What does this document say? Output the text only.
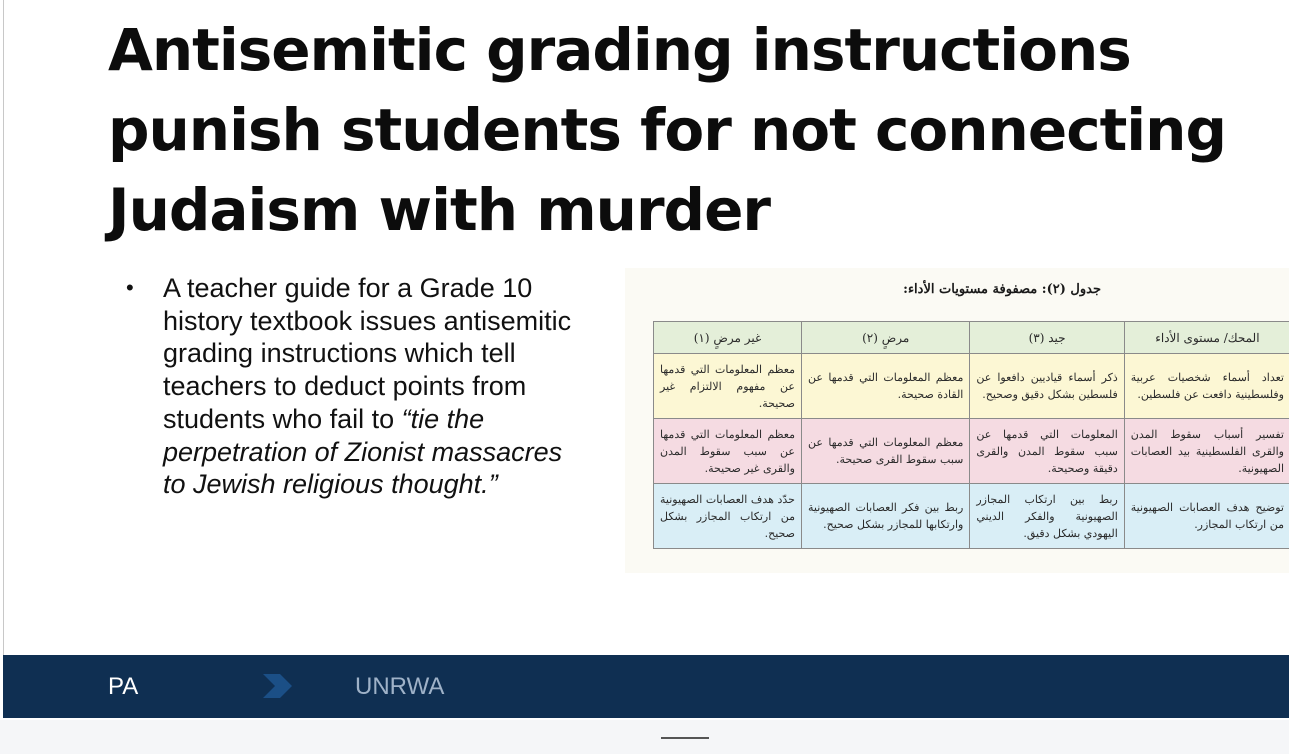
Antisemitic grading instructions punish students for not connecting Judaism with murder
• A teacher guide for a Grade 10 history textbook issues antisemitic grading instructions which tell teachers to deduct points from students who fail to “tie the perpetration of Zionist massacres to Jewish religious thought.”
جدول (٢): مصفوفة مستويات الأداء:
المحك/ مستوى الأداء	جيد (٣)	مرضٍ (٢)	غير مرضٍ (١)
تعداد أسماء شخصيات عربية وفلسطينية دافعت عن فلسطين.	ذكر أسماء قياديين دافعوا عن فلسطين بشكل دقيق وصحيح.	معظم المعلومات التي قدمها عن القادة صحيحة.	معظم المعلومات التي قدمها عن مفهوم الالتزام غير صحيحة.
تفسير أسباب سقوط المدن والقرى الفلسطينية بيد العصابات الصهيونية.	المعلومات التي قدمها عن سبب سقوط المدن والقرى دقيقة وصحيحة.	معظم المعلومات التي قدمها عن سبب سقوط القرى صحيحة.	معظم المعلومات التي قدمها عن سبب سقوط المدن والقرى غير صحيحة.
توضيح هدف العصابات الصهيونية من ارتكاب المجازر.	ربط بين ارتكاب المجازر الصهيونية والفكر الديني اليهودي بشكل دقيق.	ربط بين فكر العصابات الصهيونية وارتكابها للمجازر بشكل صحيح.	حدّد هدف العصابات الصهيونية من ارتكاب المجازر بشكل صحيح.
PA	UNRWA
